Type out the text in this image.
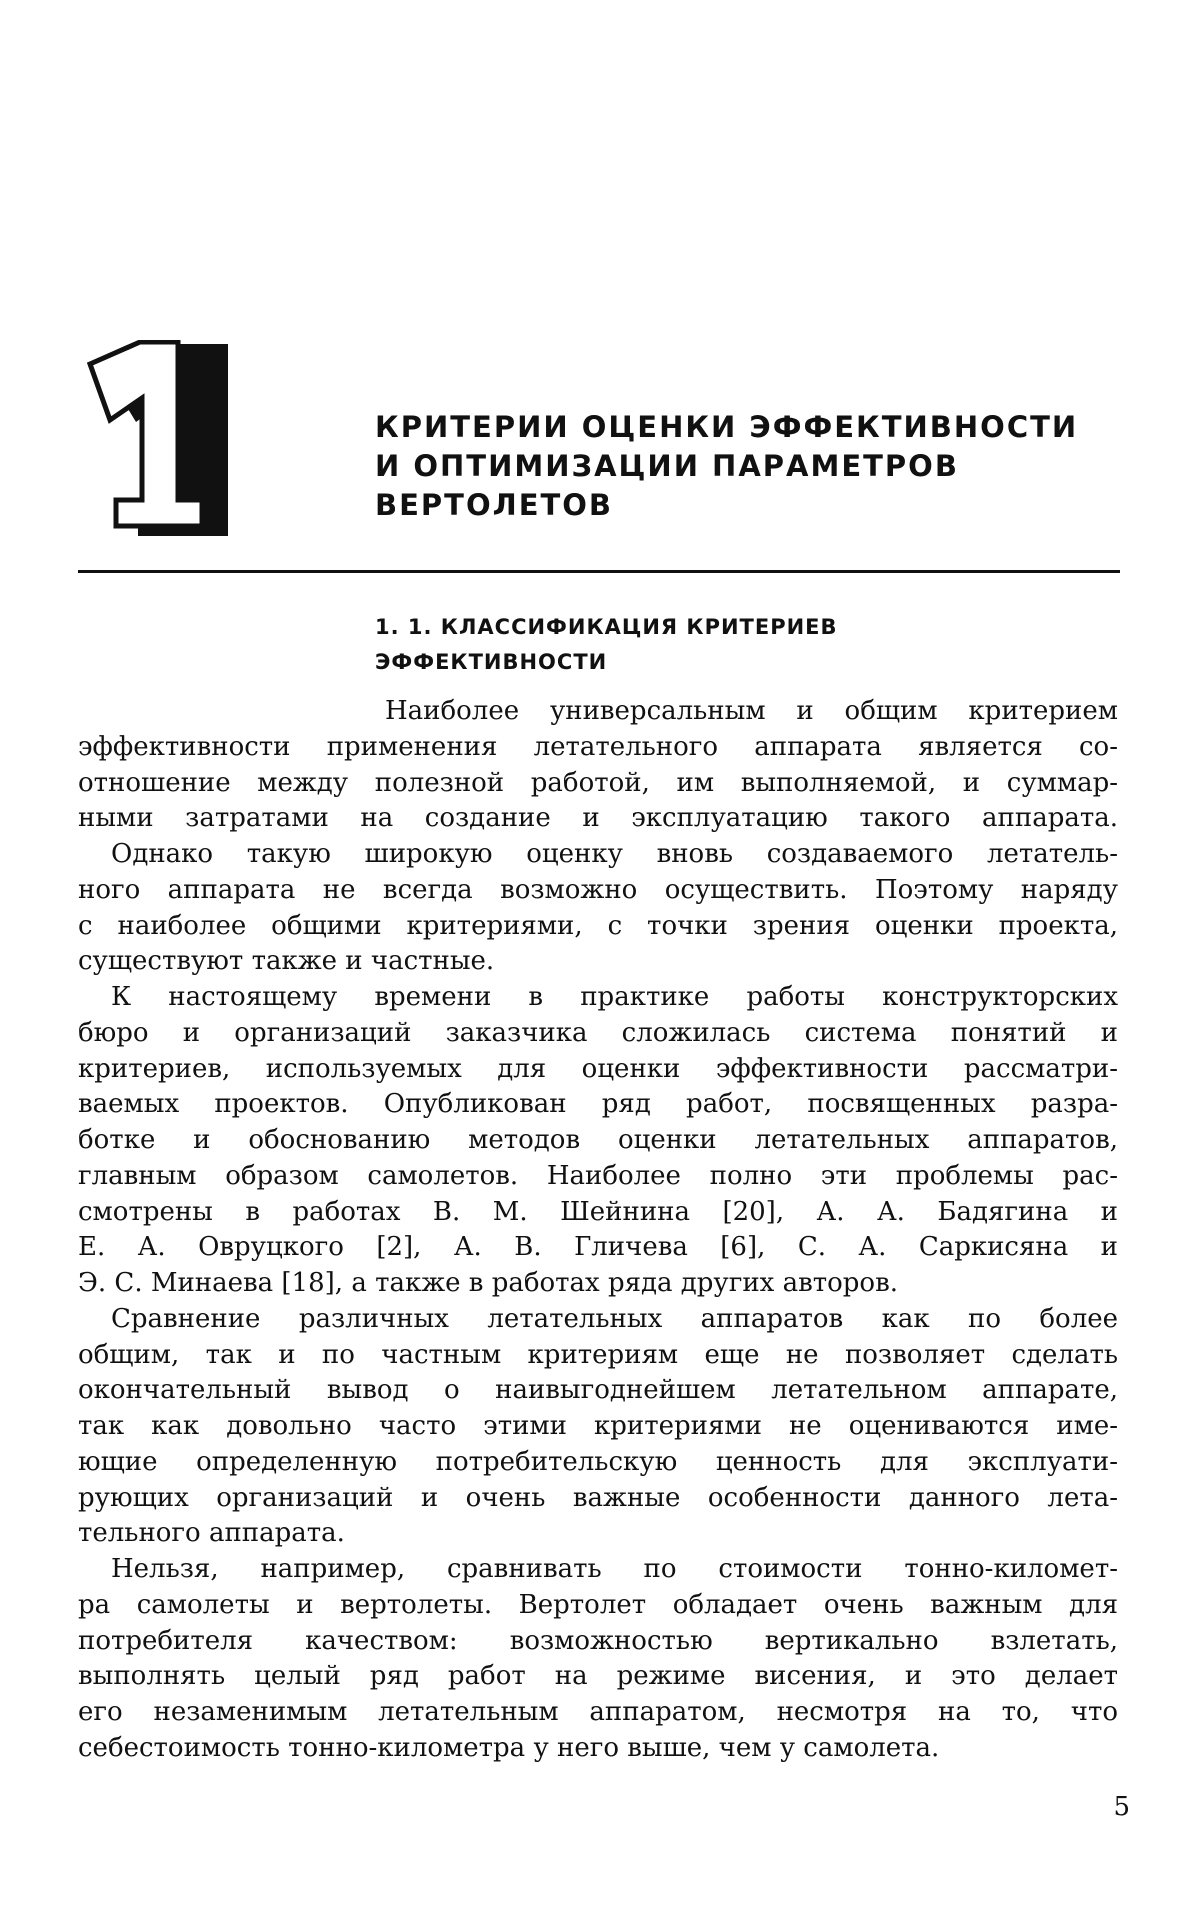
КРИТЕРИИ ОЦЕНКИ ЭФФЕКТИВНОСТИ
И ОПТИМИЗАЦИИ ПАРАМЕТРОВ
ВЕРТОЛЕТОВ
1. 1. КЛАССИФИКАЦИЯ КРИТЕРИЕВ
ЭФФЕКТИВНОСТИ

Наиболее универсальным и общим критерием
эффективности применения летательного аппарата является со-
отношение между полезной работой, им выполняемой, и суммар-
ными затратами на создание и эксплуатацию такого аппарата.

Однако такую широкую оценку вновь создаваемого летатель-
ного аппарата не всегда возможно осуществить. Поэтому наряду
с наиболее общими критериями, с точки зрения оценки проекта,
существуют также и частные.

К настоящему времени в практике работы конструкторских
бюро и организаций заказчика сложилась система понятий и
критериев, используемых для оценки эффективности рассматри-
ваемых проектов. Опубликован ряд работ, посвященных разра-
ботке и обоснованию методов оценки летательных аппаратов,
главным образом самолетов. Наиболее полно эти проблемы рас-
смотрены в работах В. М. Шейнина [20], А. А. Бадягина и
Е. А. Овруцкого [2], А. В. Гличева [6], С. А. Саркисяна и
Э. С. Минаева [18], а также в работах ряда других авторов.

Сравнение различных летательных аппаратов как по более
общим, так и по частным критериям еще не позволяет сделать
окончательный вывод о наивыгоднейшем летательном аппарате,
так как довольно часто этими критериями не оцениваются име-
ющие определенную потребительскую ценность для эксплуати-
рующих организаций и очень важные особенности данного лета-
тельного аппарата.

Нельзя, например, сравнивать по стоимости тонно-километ-
ра самолеты и вертолеты. Вертолет обладает очень важным для
потребителя качеством: возможностью вертикально взлетать,
выполнять целый ряд работ на режиме висения, и это делает
его незаменимым летательным аппаратом, несмотря на то, что
себестоимость тонно-километра у него выше, чем у самолета.

5
